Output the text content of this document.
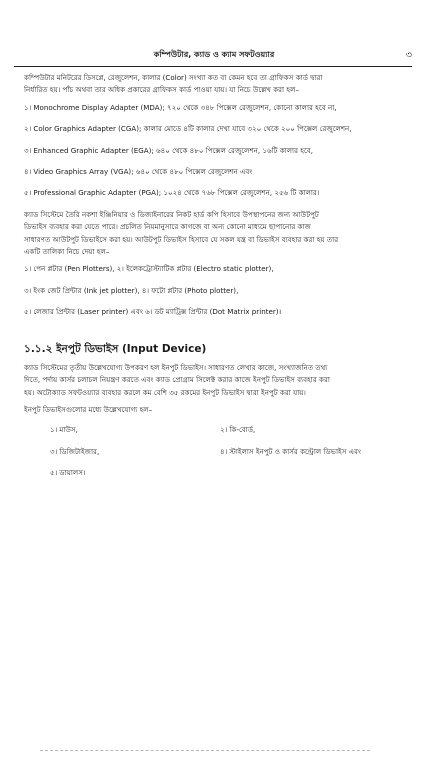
কম্পিউটার, ক্যাড ও ক্যাম সফটওয়্যার	৩

কম্পিউটার মনিটরের ডিসপ্লে, রেজুলেশন, কালার (Color) সংখ্যা কত বা কেমন হবে তা গ্রাফিকস কার্ড দ্বারা

নির্ধারিত হয়। পাঁচ অথবা তার অধিক প্রকারের গ্রাফিকস কার্ড পাওয়া যায়। যা নিচে উল্লেখ করা হল–

১। Monochrome Display Adapter (MDA); ৭২০ থেকে ৩৪৮ পিক্সেল রেজুলেশন, কোনো কালার হবে না,

২। Color Graphics Adapter (CGA); কালার মোডে ৪টি কালার দেখা যাবে ৩২০ থেকে ২০০ পিক্সেল রেজুলেশন,

৩। Enhanced Graphic Adapter (EGA); ৬৪০ থেকে ৪৮০ পিক্সেল রেজুলেশন, ১৬টি কালার হবে,

৪। Video Graphics Array (VGA); ৬৪০ থেকে ৪৮০ পিক্সেল রেজুলেশন এবং

৫। Professional Graphic Adapter (PGA); ১০২৪ থেকে ৭৬৮ পিক্সেল রেজুলেশন, ২৫৬ টি কালার।

ক্যাড সিস্টেমে তৈরি নকশা ইঞ্জিনিয়ার ও ডিজাইনারের নিকট হার্ড কপি হিসাবে উপস্থাপনের জন্য আউটপুট

ডিভাইস ব্যবহার করা যেতে পারে। প্রচলিত নিয়মানুসারে কাগজে বা অন্য কোনো মাধ্যমে ছাপানোর কাজ

সাধারণত আউটপুট ডিভাইসে করা হয়। আউটপুট ডিভাইস হিসাবে যে সকল যন্ত্র বা ডিভাইস ব্যবহার করা হয় তার

একটি তালিকা নিচে দেয়া হল–

১। পেন প্লটার (Pen Plotters), ২। ইলেকট্রোস্ট্যাটিক প্লটার (Electro static plotter),

৩। ইংক জেট প্রিন্টার (Ink jet plotter), ৪। ফটো প্লটার (Photo plotter),

৫। লেজার প্রিন্টার (Laser printer) এবং ৬। ডট ম্যাট্রিক্স প্রিন্টার (Dot Matrix printer)।

১.১.২ ইনপুট ডিভাইস (Input Device)

ক্যাড সিস্টেমের তৃতীয় উল্লেখযোগ্য উপকরণ হল ইনপুট ডিভাইস। সাধারণত লেখার কাজে, সংখ্যাজনিত তথ্য

দিতে, পর্দায় কার্সর চলাচল নিয়ন্ত্রণ করতে এবং ক্যাড প্রোগ্রাম সিলেক্ট করার কাজে ইনপুট ডিভাইস ব্যবহার করা

হয়। অটোক্যাড সফটওয়্যার ব্যবহার করলে কম বেশি ৩৫ রকমের ইনপুট ডিভাইস দ্বারা ইনপুট করা যায়।

ইনপুট ডিভাইসগুলোর মধ্যে উল্লেখযোগ্য হল–

১। মাউস,	২। কি-বোর্ড,
৩। ডিজিটাইজার,	৪। স্টাইলাস ইনপুট ও কার্সর কন্ট্রোল ডিভাইস এবং
৫। ডায়ালস।
